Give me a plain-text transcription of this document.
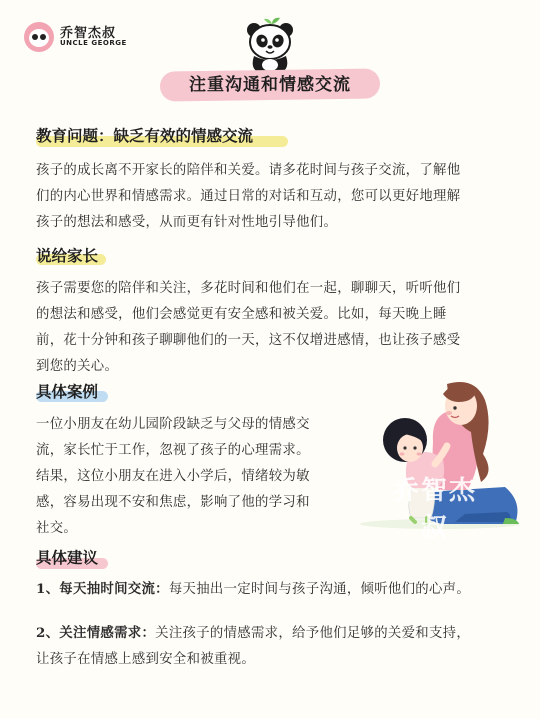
乔智杰叔
UNCLE GEORGE
注重沟通和情感交流
教育问题：缺乏有效的情感交流
孩子的成长离不开家长的陪伴和关爱。请多花时间与孩子交流，了解他
们的内心世界和情感需求。通过日常的对话和互动，您可以更好地理解
孩子的想法和感受，从而更有针对性地引导他们。
说给家长
孩子需要您的陪伴和关注，多花时间和他们在一起，聊聊天，听听他们
的想法和感受，他们会感觉更有安全感和被关爱。比如，每天晚上睡
前，花十分钟和孩子聊聊他们的一天，这不仅增进感情，也让孩子感受
到您的关心。
具体案例
一位小朋友在幼儿园阶段缺乏与父母的情感交
流，家长忙于工作，忽视了孩子的心理需求。
结果，这位小朋友在进入小学后，情绪较为敏
感，容易出现不安和焦虑，影响了他的学习和
社交。
乔智杰叔
具体建议
1、每天抽时间交流：每天抽出一定时间与孩子沟通，倾听他们的心声。
2、关注情感需求：关注孩子的情感需求，给予他们足够的关爱和支持，
让孩子在情感上感到安全和被重视。
